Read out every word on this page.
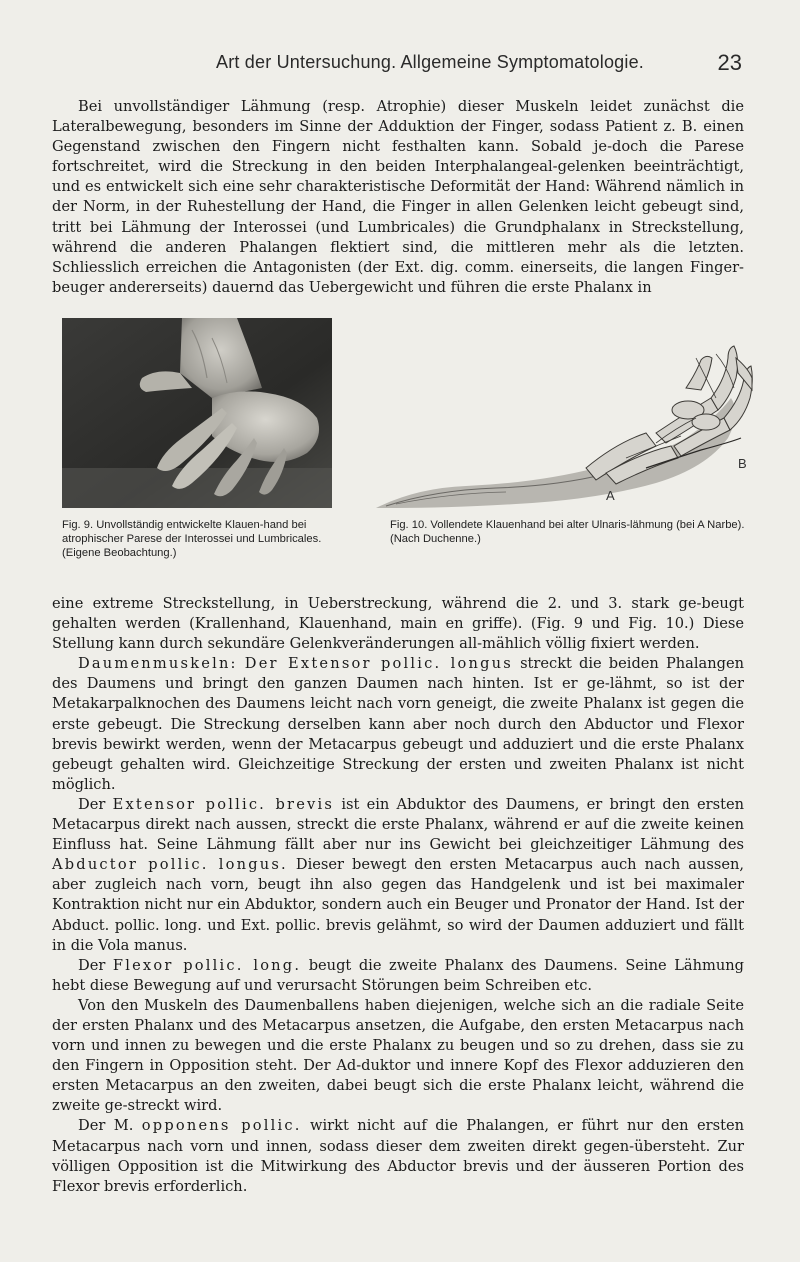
Art der Untersuchung. Allgemeine Symptomatologie.	23

Bei unvollständiger Lähmung (resp. Atrophie) dieser Muskeln leidet zunächst die Lateralbewegung, besonders im Sinne der Adduktion der Finger, sodass Patient z. B. einen Gegenstand zwischen den Fingern nicht festhalten kann. Sobald je-doch die Parese fortschreitet, wird die Streckung in den beiden Interphalangeal-gelenken beeinträchtigt, und es entwickelt sich eine sehr charakteristische Deformität der Hand: Während nämlich in der Norm, in der Ruhestellung der Hand, die Finger in allen Gelenken leicht gebeugt sind, tritt bei Lähmung der Interossei (und Lumbricales) die Grundphalanx in Streckstellung, während die anderen Phalangen flektiert sind, die mittleren mehr als die letzten. Schliesslich erreichen die Antagonisten (der Ext. dig. comm. einerseits, die langen Finger-beuger andererseits) dauernd das Uebergewicht und führen die erste Phalanx in

B
A
Fig. 9. Unvollständig entwickelte Klauen-hand bei atrophischer Parese der Interossei und Lumbricales. (Eigene Beobachtung.)
Fig. 10. Vollendete Klauenhand bei alter Ulnaris-lähmung (bei A Narbe). (Nach Duchenne.)

eine extreme Streckstellung, in Ueberstreckung, während die 2. und 3. stark ge-beugt gehalten werden (Krallenhand, Klauenhand, main en griffe). (Fig. 9 und Fig. 10.) Diese Stellung kann durch sekundäre Gelenkveränderungen all-mählich völlig fixiert werden.

Daumenmuskeln: Der Extensor pollic. longus streckt die beiden Phalangen des Daumens und bringt den ganzen Daumen nach hinten. Ist er ge-lähmt, so ist der Metakarpalknochen des Daumens leicht nach vorn geneigt, die zweite Phalanx ist gegen die erste gebeugt. Die Streckung derselben kann aber noch durch den Abductor und Flexor brevis bewirkt werden, wenn der Metacarpus gebeugt und adduziert und die erste Phalanx gebeugt gehalten wird. Gleichzeitige Streckung der ersten und zweiten Phalanx ist nicht möglich.

Der Extensor pollic. brevis ist ein Abduktor des Daumens, er bringt den ersten Metacarpus direkt nach aussen, streckt die erste Phalanx, während er auf die zweite keinen Einfluss hat. Seine Lähmung fällt aber nur ins Gewicht bei gleichzeitiger Lähmung des Abductor pollic. longus. Dieser bewegt den ersten Metacarpus auch nach aussen, aber zugleich nach vorn, beugt ihn also gegen das Handgelenk und ist bei maximaler Kontraktion nicht nur ein Abduktor, sondern auch ein Beuger und Pronator der Hand. Ist der Abduct. pollic. long. und Ext. pollic. brevis gelähmt, so wird der Daumen adduziert und fällt in die Vola manus.

Der Flexor pollic. long. beugt die zweite Phalanx des Daumens. Seine Lähmung hebt diese Bewegung auf und verursacht Störungen beim Schreiben etc.

Von den Muskeln des Daumenballens haben diejenigen, welche sich an die radiale Seite der ersten Phalanx und des Metacarpus ansetzen, die Aufgabe, den ersten Metacarpus nach vorn und innen zu bewegen und die erste Phalanx zu beugen und so zu drehen, dass sie zu den Fingern in Opposition steht. Der Ad-duktor und innere Kopf des Flexor adduzieren den ersten Metacarpus an den zweiten, dabei beugt sich die erste Phalanx leicht, während die zweite ge-streckt wird.

Der M. opponens pollic. wirkt nicht auf die Phalangen, er führt nur den ersten Metacarpus nach vorn und innen, sodass dieser dem zweiten direkt gegen-übersteht. Zur völligen Opposition ist die Mitwirkung des Abductor brevis und der äusseren Portion des Flexor brevis erforderlich.
